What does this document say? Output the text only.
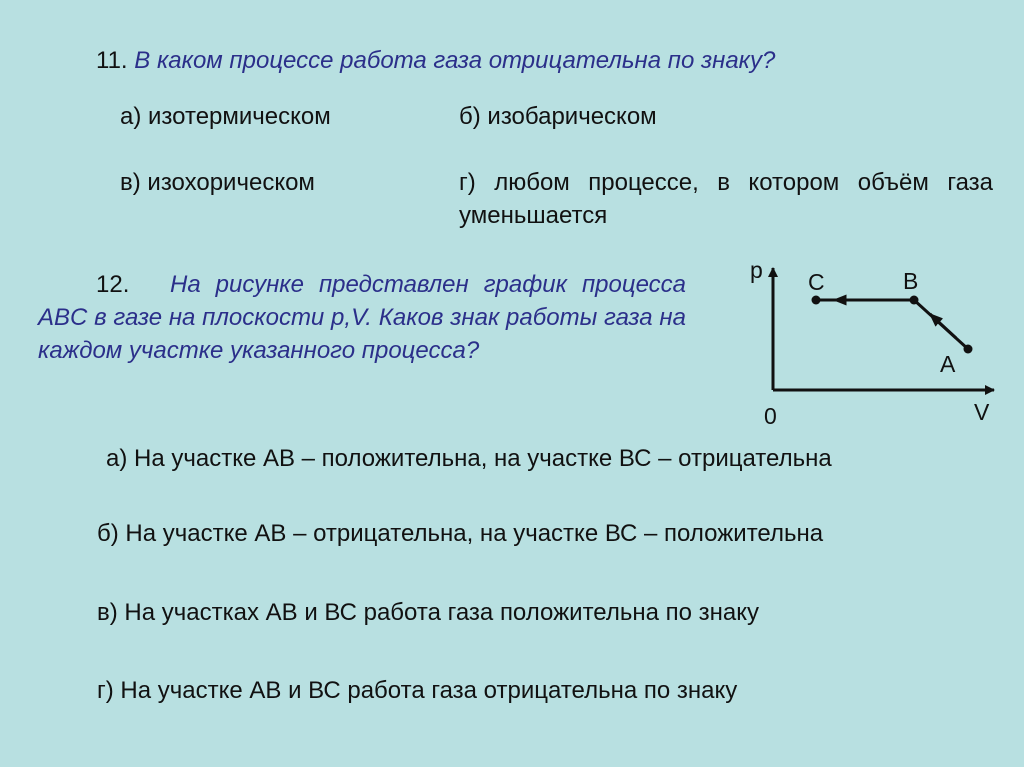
11. В каком процессе работа газа отрицательна по знаку?
а) изотермическом	б) изобарическом
в) изохорическом	г) любом процессе, в котором объём газа уменьшается
12. На рисунке представлен график процесса ABC в газе на плоскости p,V. Каков знак работы газа на каждом участке указанного процесса?
p
V
0
C	B
A
а) На участке АВ – положительна, на участке ВС – отрицательна
б) На участке АВ – отрицательна, на участке ВС – положительна
в) На участках АВ и ВС работа газа положительна по знаку
г) На участке АВ и ВС работа газа отрицательна по знаку
